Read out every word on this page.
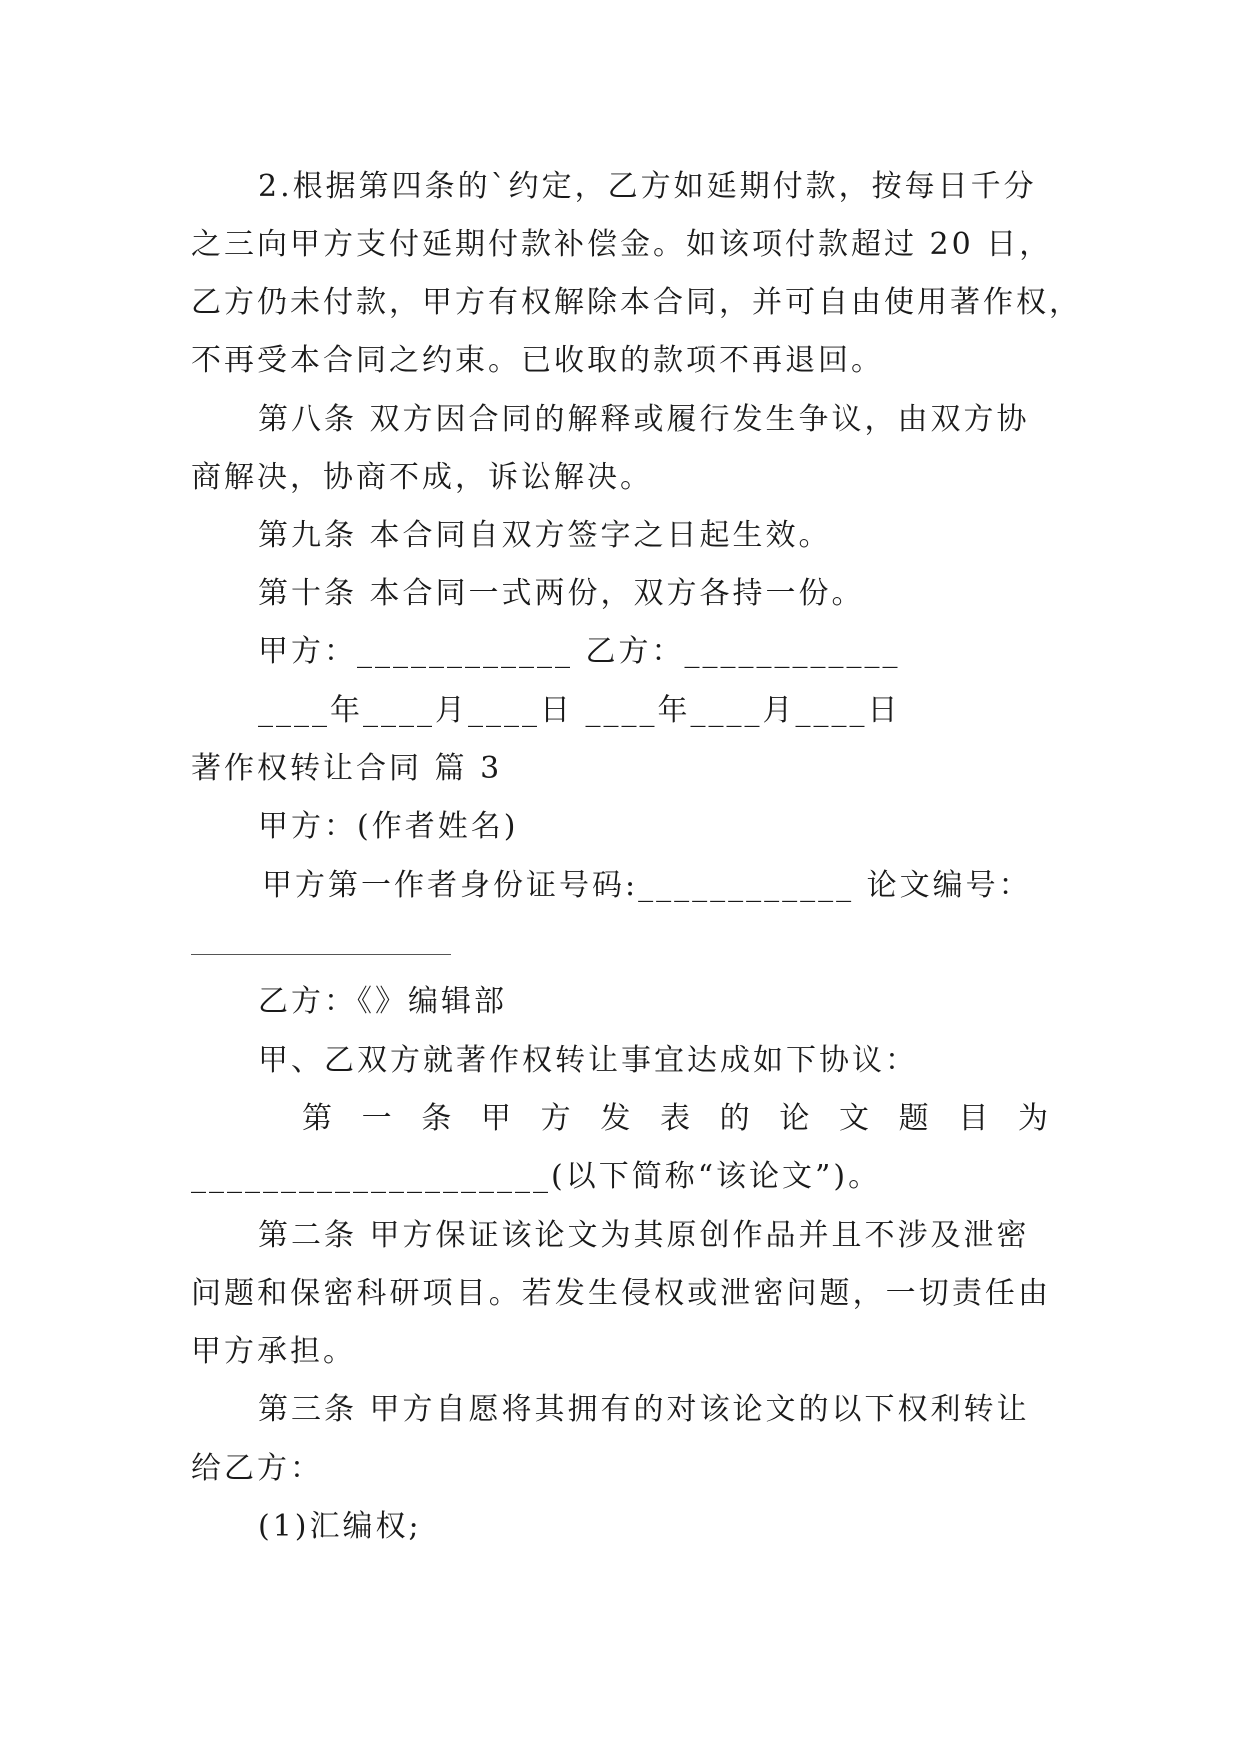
2.根据第四条的`约定，乙方如延期付款，按每日千分
之三向甲方支付延期付款补偿金。如该项付款超过 20 日，
乙方仍未付款，甲方有权解除本合同，并可自由使用著作权，
不再受本合同之约束。已收取的款项不再退回。
第八条 双方因合同的解释或履行发生争议，由双方协
商解决，协商不成，诉讼解决。
第九条 本合同自双方签字之日起生效。
第十条 本合同一式两份，双方各持一份。
甲方：____________ 乙方：____________
____年____月____日 ____年____月____日
著作权转让合同 篇 3
甲方：(作者姓名)
甲方第一作者身份证号码:____________ 论文编号：
乙方：《》编辑部
甲、乙双方就著作权转让事宜达成如下协议：
第 一 条 甲 方 发 表 的 论 文 题 目 为
____________________(以下简称“该论文”)。
第二条 甲方保证该论文为其原创作品并且不涉及泄密
问题和保密科研项目。若发生侵权或泄密问题，一切责任由
甲方承担。
第三条 甲方自愿将其拥有的对该论文的以下权利转让
给乙方：
(1)汇编权;
